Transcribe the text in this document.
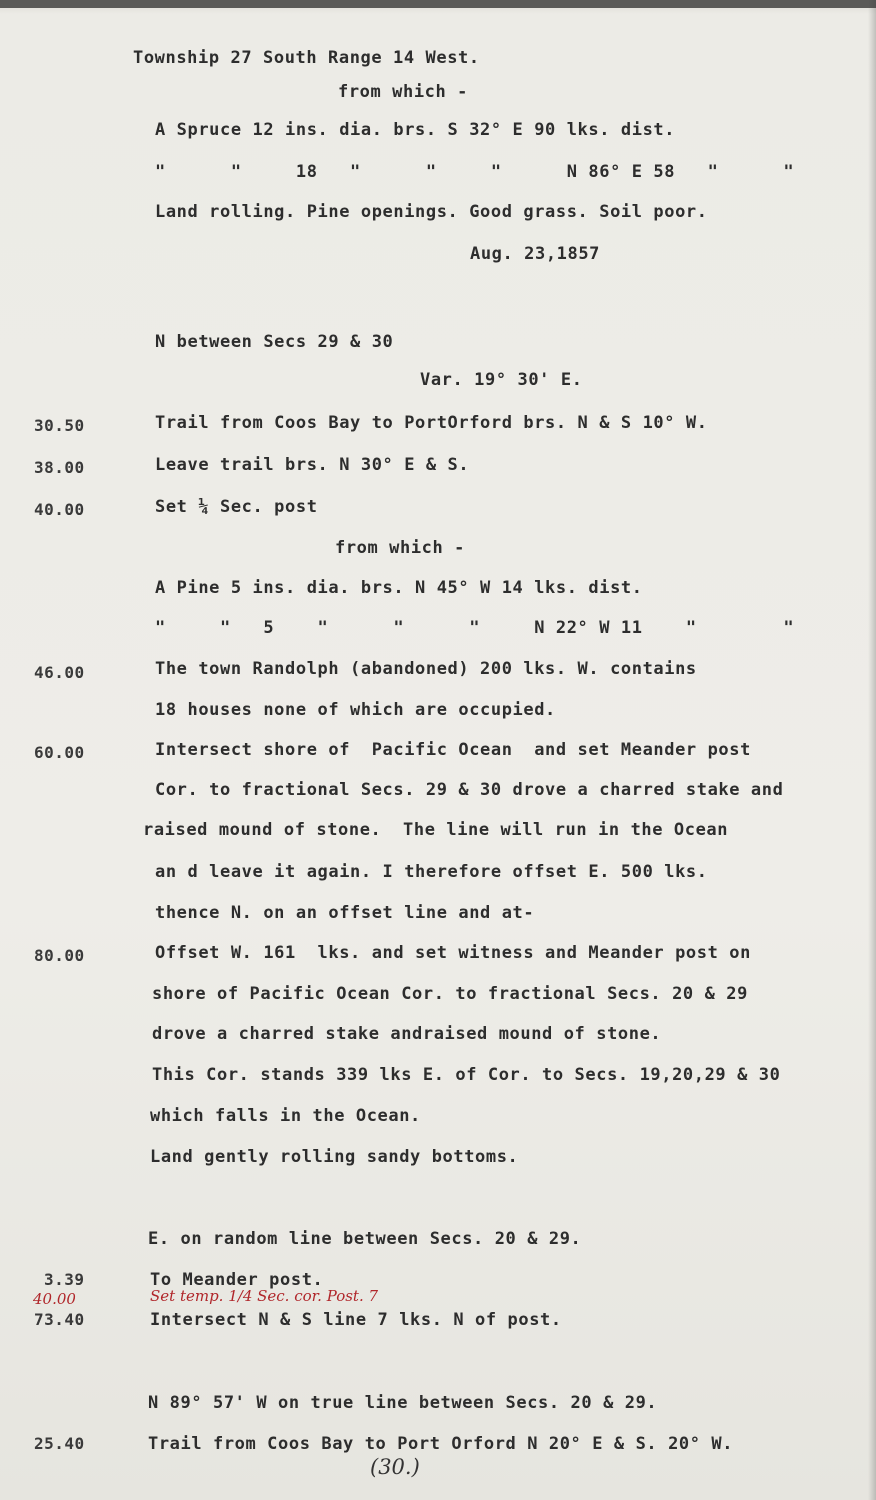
Township 27 South Range 14 West.
from which -
A Spruce 12 ins. dia. brs. S 32° E 90 lks. dist.
"      "     18   "      "     "      N 86° E 58   "      "
Land rolling. Pine openings. Good grass. Soil poor.
Aug. 23,1857
N between Secs 29 & 30
Var. 19° 30' E.
30.50	Trail from Coos Bay to PortOrford brs. N & S 10° W.
38.00	Leave trail brs. N 30° E & S.
40.00	Set ¼ Sec. post
from which -
A Pine 5 ins. dia. brs. N 45° W 14 lks. dist.
"     "   5    "      "      "     N 22° W 11    "        "
46.00	The town Randolph (abandoned) 200 lks. W. contains
18 houses none of which are occupied.
60.00	Intersect shore of  Pacific Ocean  and set Meander post
Cor. to fractional Secs. 29 & 30 drove a charred stake and
raised mound of stone.  The line will run in the Ocean
an d leave it again. I therefore offset E. 500 lks.
thence N. on an offset line and at-
80.00	Offset W. 161  lks. and set witness and Meander post on
shore of Pacific Ocean Cor. to fractional Secs. 20 & 29
drove a charred stake andraised mound of stone.
This Cor. stands 339 lks E. of Cor. to Secs. 19,20,29 & 30
which falls in the Ocean.
Land gently rolling sandy bottoms.
E. on random line between Secs. 20 & 29.
3.39	To Meander post.
40.00	Set temp. 1/4 Sec. cor. Post. 7
73.40	Intersect N & S line 7 lks. N of post.
N 89° 57' W on true line between Secs. 20 & 29.
25.40	Trail from Coos Bay to Port Orford N 20° E & S. 20° W.
(30.)
